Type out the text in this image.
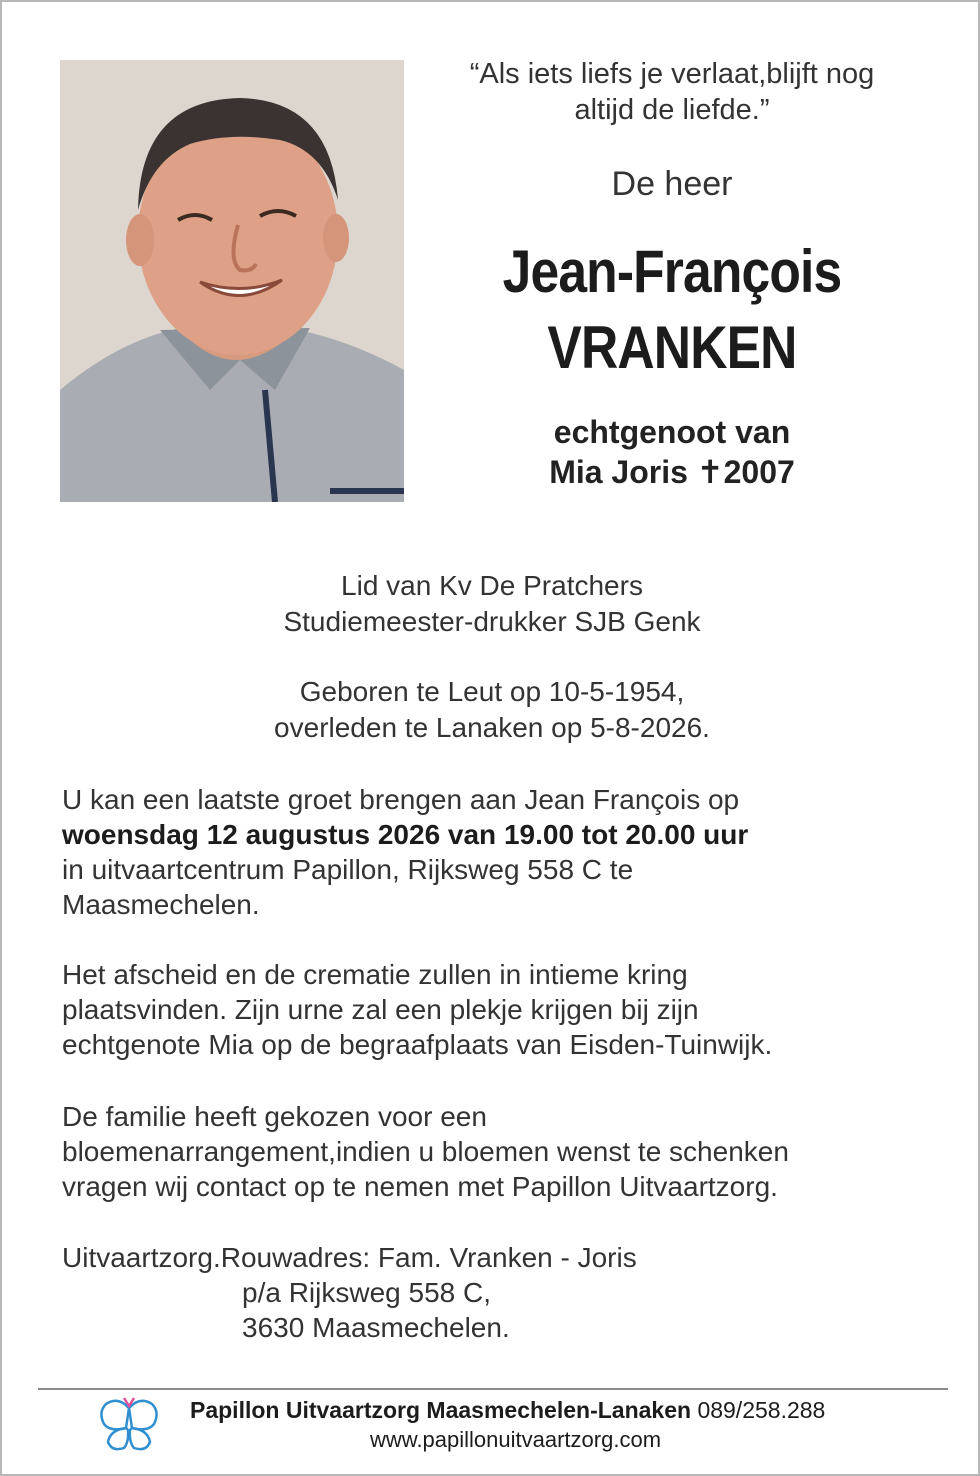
“Als iets liefs je verlaat,blijft nog
altijd de liefde.”
De heer
Jean-François
VRANKEN
echtgenoot van
Mia Joris ✝2007
Lid van Kv De Pratchers
Studiemeester-drukker SJB Genk
Geboren te Leut op 10-5-1954,
overleden te Lanaken op 5-8-2026.
U kan een laatste groet brengen aan Jean François op
woensdag 12 augustus 2026 van 19.00 tot 20.00 uur
in uitvaartcentrum Papillon, Rijksweg 558 C te
Maasmechelen.
Het afscheid en de crematie zullen in intieme kring
plaatsvinden. Zijn urne zal een plekje krijgen bij zijn
echtgenote Mia op de begraafplaats van Eisden-Tuinwijk.
De familie heeft gekozen voor een
bloemenarrangement,indien u bloemen wenst te schenken
vragen wij contact op te nemen met Papillon Uitvaartzorg.
Uitvaartzorg.Rouwadres: Fam. Vranken - Joris
p/a Rijksweg 558 C,
3630 Maasmechelen.
Papillon Uitvaartzorg Maasmechelen-Lanaken 089/258.288
www.papillonuitvaartzorg.com
